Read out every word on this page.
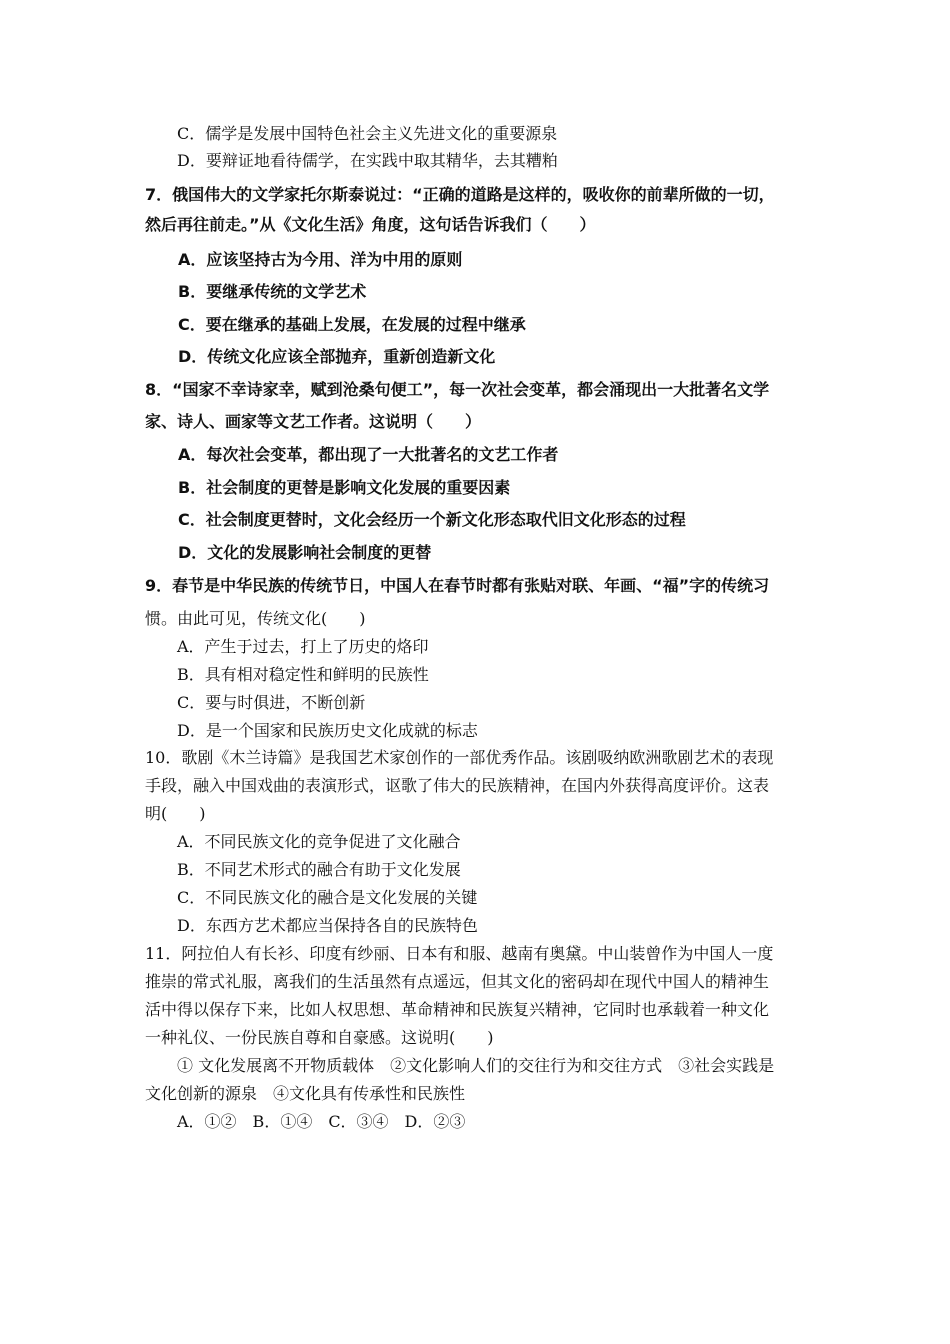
C．儒学是发展中国特色社会主义先进文化的重要源泉
D．要辩证地看待儒学，在实践中取其精华，去其糟粕
7．俄国伟大的文学家托尔斯泰说过：“正确的道路是这样的，吸收你的前辈所做的一切，
然后再往前走。”从《文化生活》角度，这句话告诉我们（　　）
A．应该坚持古为今用、洋为中用的原则
B．要继承传统的文学艺术
C．要在继承的基础上发展，在发展的过程中继承
D．传统文化应该全部抛弃，重新创造新文化
8．“国家不幸诗家幸，赋到沧桑句便工”，每一次社会变革，都会涌现出一大批著名文学
家、诗人、画家等文艺工作者。这说明（　　）
A．每次社会变革，都出现了一大批著名的文艺工作者
B．社会制度的更替是影响文化发展的重要因素
C．社会制度更替时，文化会经历一个新文化形态取代旧文化形态的过程
D．文化的发展影响社会制度的更替
9．春节是中华民族的传统节日，中国人在春节时都有张贴对联、年画、“福”字的传统习
惯。由此可见，传统文化(　　)
A．产生于过去，打上了历史的烙印
B．具有相对稳定性和鲜明的民族性
C．要与时俱进，不断创新
D．是一个国家和民族历史文化成就的标志
10．歌剧《木兰诗篇》是我国艺术家创作的一部优秀作品。该剧吸纳欧洲歌剧艺术的表现
手段，融入中国戏曲的表演形式，讴歌了伟大的民族精神，在国内外获得高度评价。这表
明(　　)
A．不同民族文化的竞争促进了文化融合
B．不同艺术形式的融合有助于文化发展
C．不同民族文化的融合是文化发展的关键
D．东西方艺术都应当保持各自的民族特色
11．阿拉伯人有长衫、印度有纱丽、日本有和服、越南有奥黛。中山装曾作为中国人一度
推崇的常式礼服，离我们的生活虽然有点遥远，但其文化的密码却在现代中国人的精神生
活中得以保存下来，比如人权思想、革命精神和民族复兴精神，它同时也承载着一种文化
一种礼仪、一份民族自尊和自豪感。这说明(　　)
① 文化发展离不开物质载体　②文化影响人们的交往行为和交往方式　③社会实践是
文化创新的源泉　④文化具有传承性和民族性
A．①②　B．①④　C．③④　D．②③
